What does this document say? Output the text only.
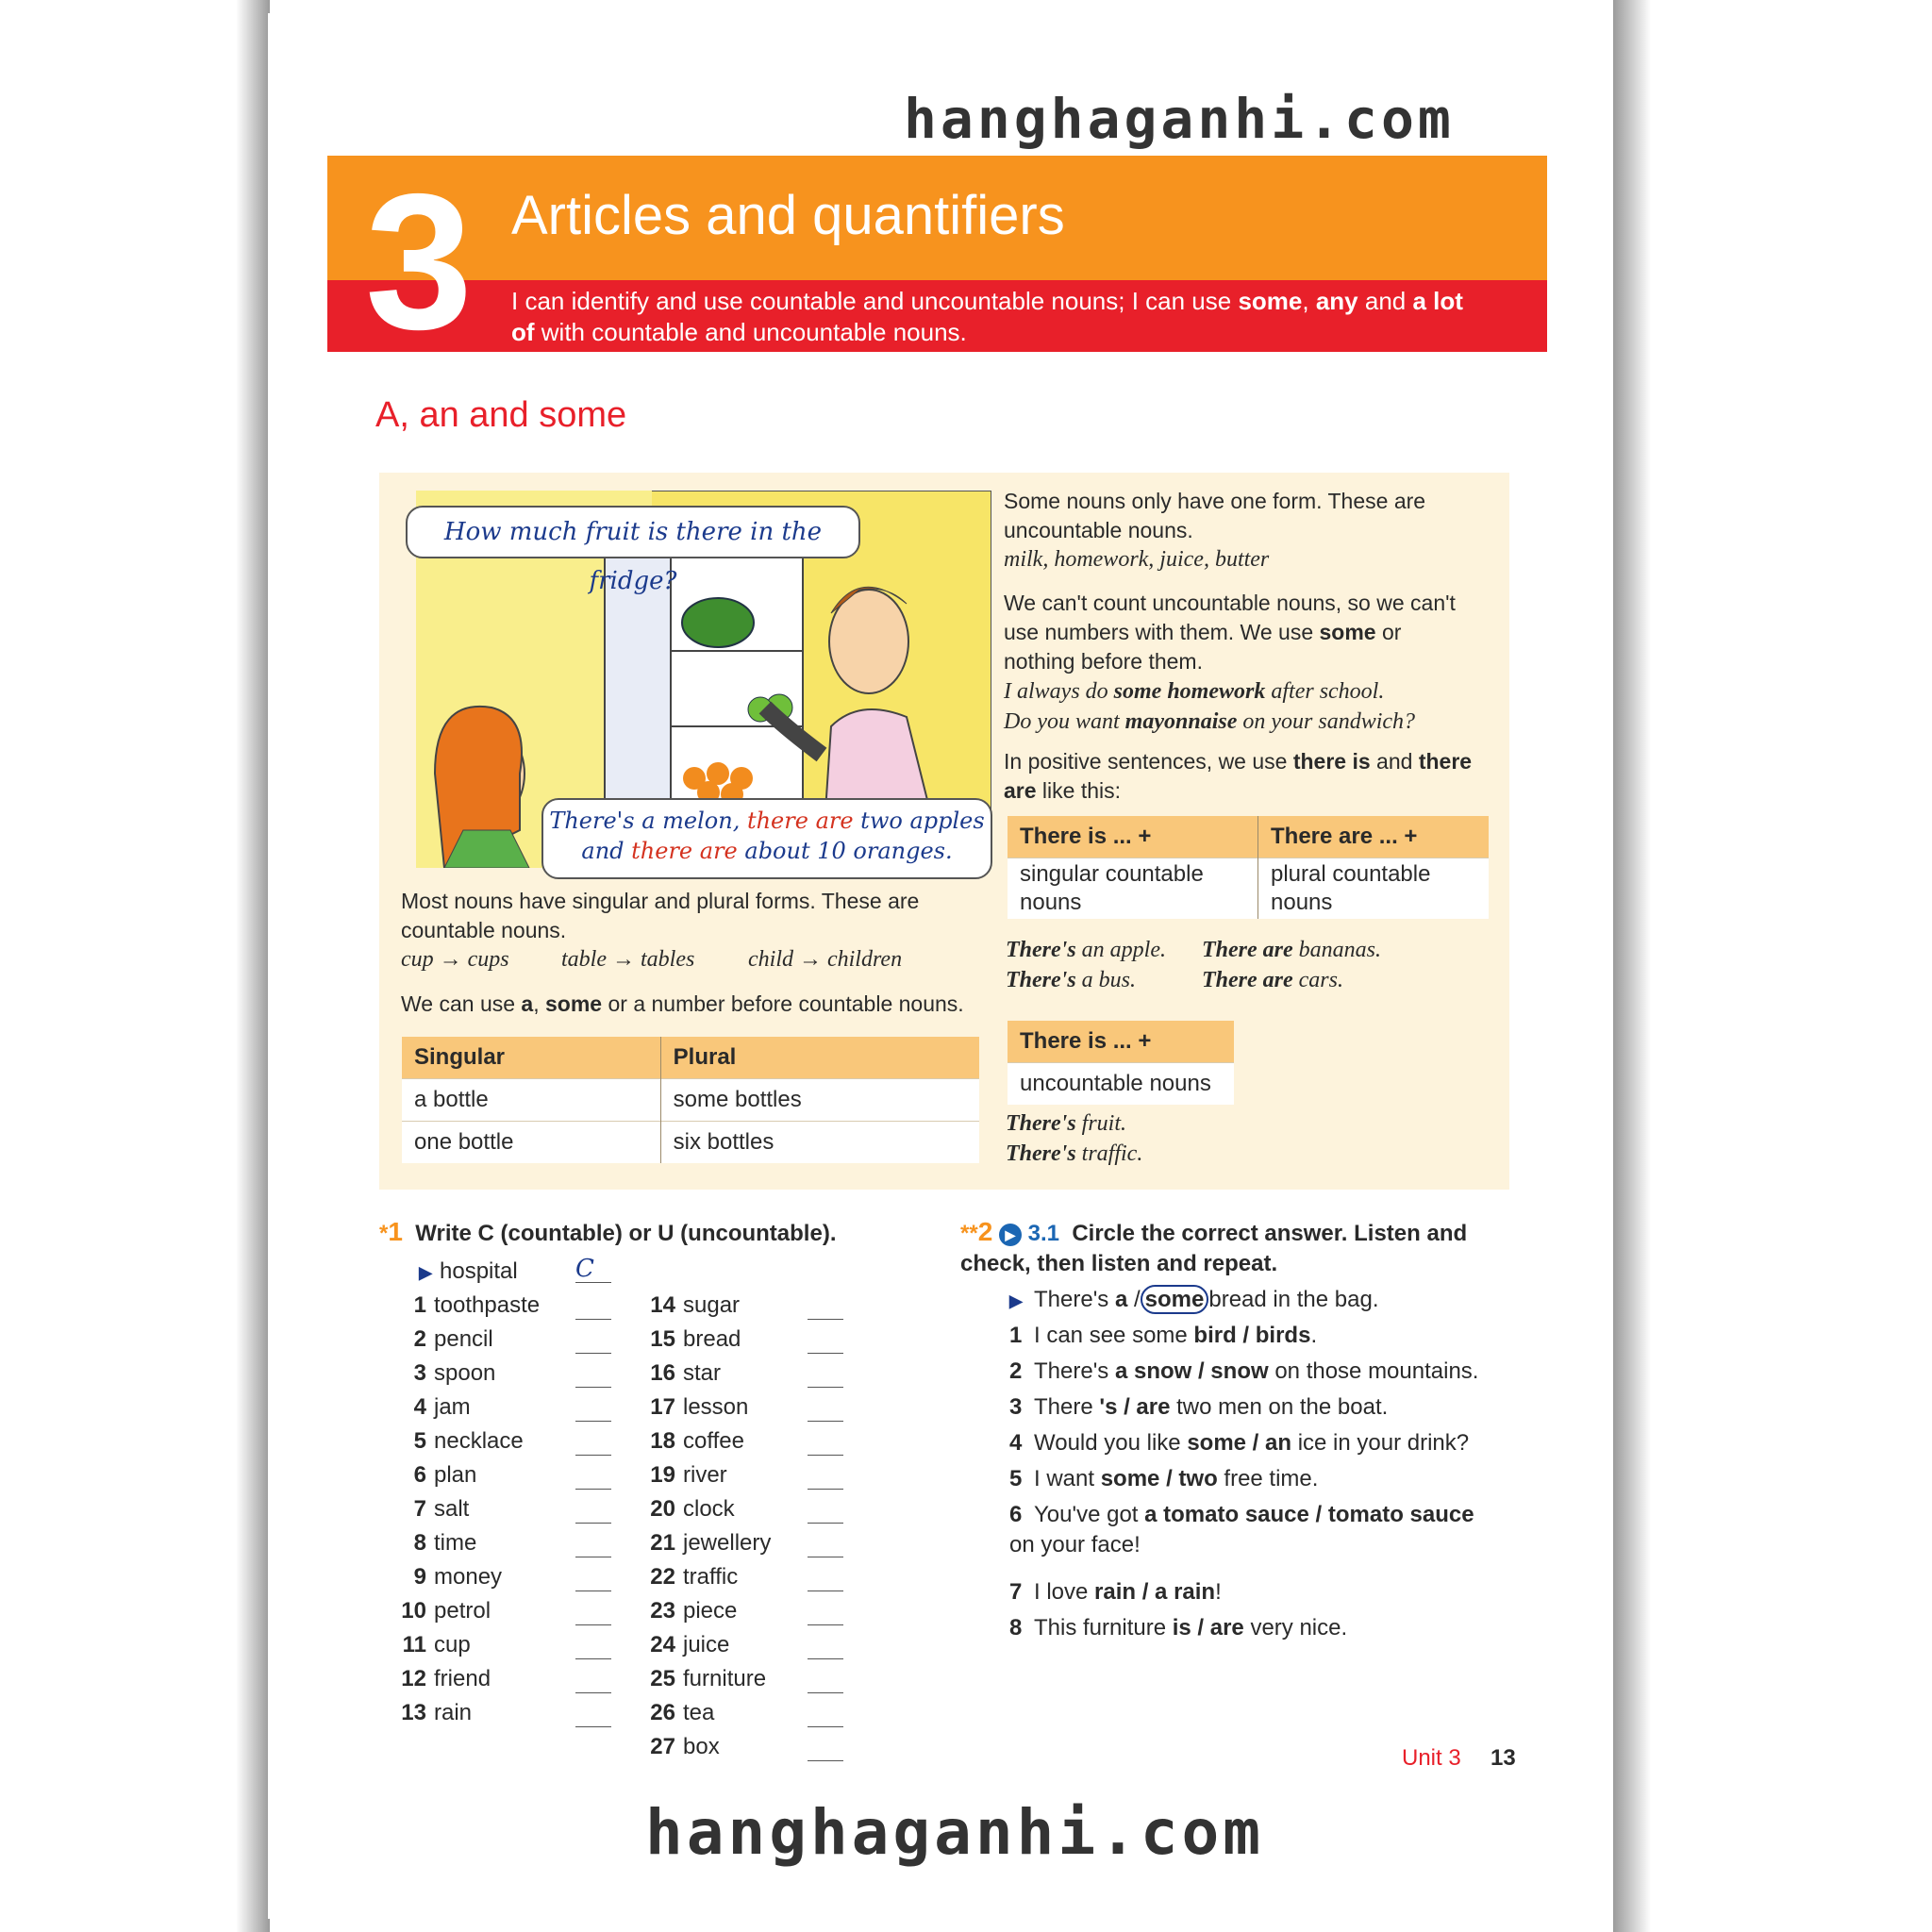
hanghaganhi.com
3 Articles and quantifiers
I can identify and use countable and uncountable nouns; I can use some, any and a lot of with countable and uncountable nouns.
A, an and some
How much fruit is there in the fridge?
There's a melon, there are two apples
and there are about 10 oranges.
Most nouns have singular and plural forms. These are countable nouns.
cup → cups table → tables child → children
We can use a, some or a number before countable nouns.
Singular	Plural
a bottle	some bottles
one bottle	six bottles
Some nouns only have one form. These are uncountable nouns.
milk, homework, juice, butter
We can't count uncountable nouns, so we can't use numbers with them. We use some or nothing before them.
I always do some homework after school.
Do you want mayonnaise on your sandwich?
In positive sentences, we use there is and there are like this:
There is ... +	There are ... +
singular countable nouns	plural countable nouns
There's an apple.
There's a bus.
There are bananas.
There are cars.
There is ... +
uncountable nouns
There's fruit.
There's traffic.
*1 Write C (countable) or U (uncountable).
▶ hospital C
1 toothpaste
2 pencil
3 spoon
4 jam
5 necklace
6 plan
7 salt
8 time
9 money
10 petrol
11 cup
12 friend
13 rain
14 sugar
15 bread
16 star
17 lesson
18 coffee
19 river
20 clock
21 jewellery
22 traffic
23 piece
24 juice
25 furniture
26 tea
27 box
**2 ▶ 3.1 Circle the correct answer. Listen and check, then listen and repeat.
▶ There's a / some bread in the bag.
1 I can see some bird / birds.
2 There's a snow / snow on those mountains.
3 There 's / are two men on the boat.
4 Would you like some / an ice in your drink?
5 I want some / two free time.
6 You've got a tomato sauce / tomato sauce on your face!
7 I love rain / a rain!
8 This furniture is / are very nice.
Unit 3 13
hanghaganhi.com
